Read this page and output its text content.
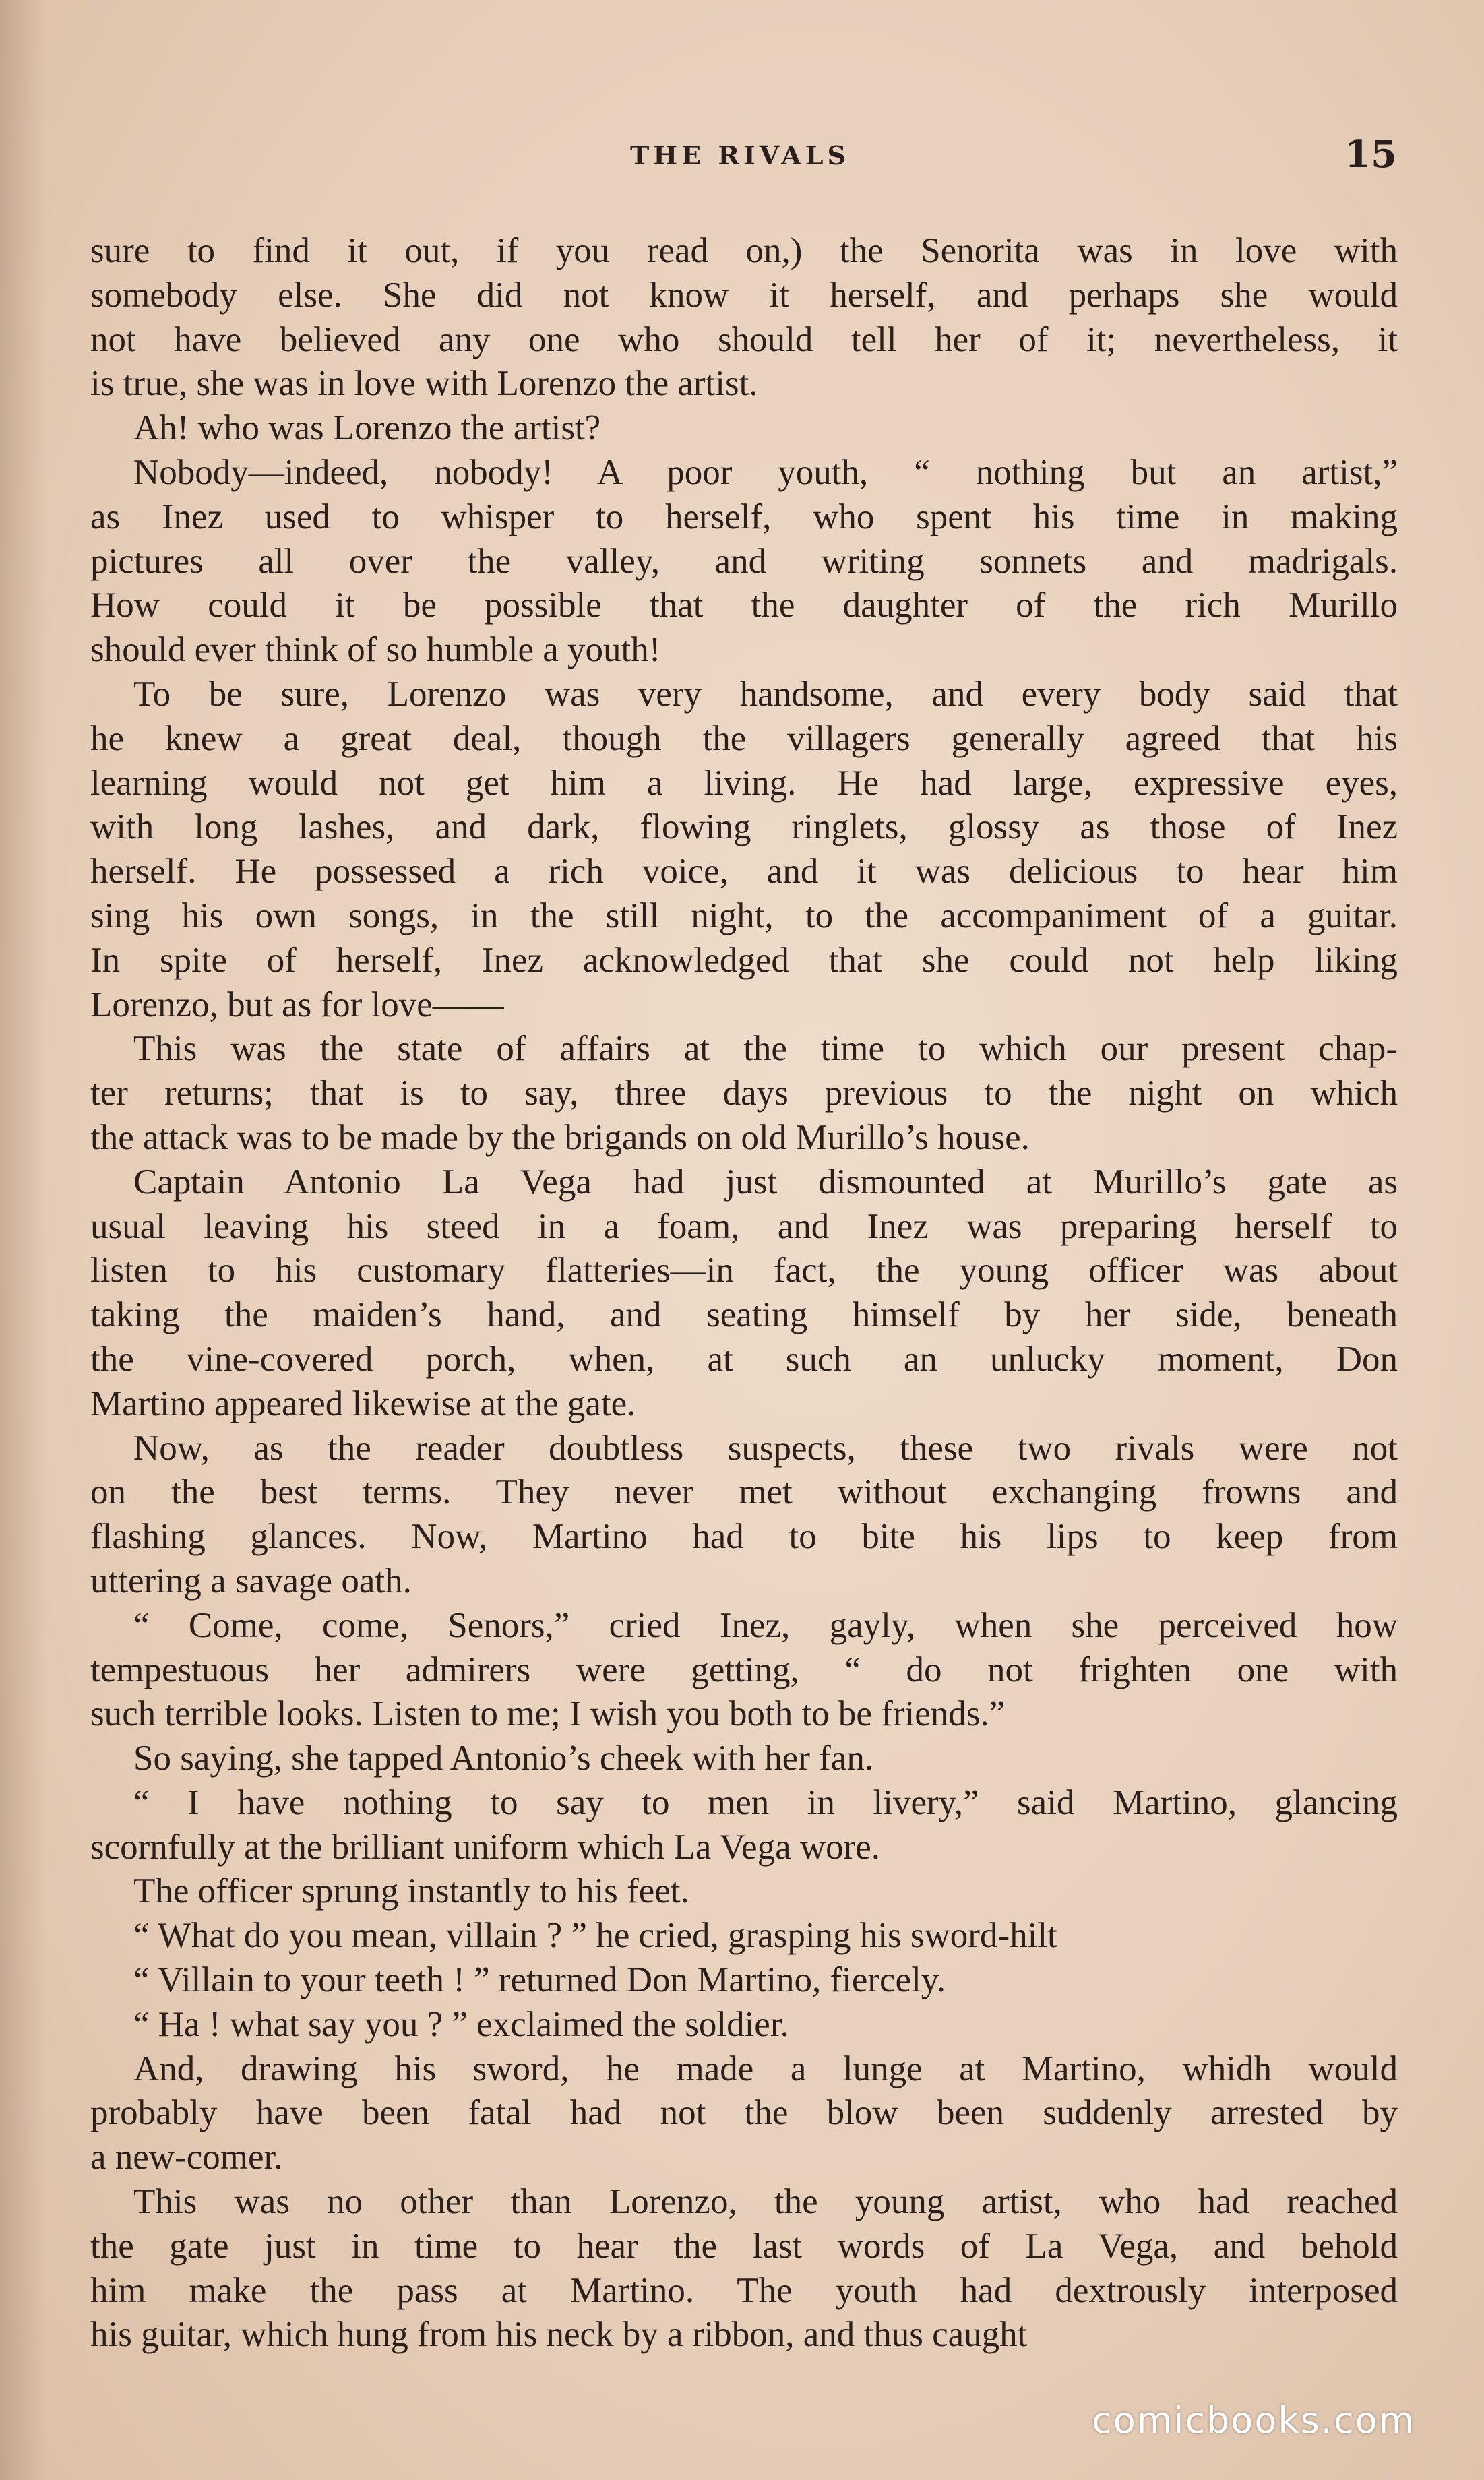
THE RIVALS	15
sure to find it out, if you read on,) the Senorita was in love with
somebody else. She did not know it herself, and perhaps she would
not have believed any one who should tell her of it; nevertheless, it
is true, she was in love with Lorenzo the artist.
Ah! who was Lorenzo the artist?
Nobody—indeed, nobody! A poor youth, “ nothing but an artist,”
as Inez used to whisper to herself, who spent his time in making
pictures all over the valley, and writing sonnets and madrigals.
How could it be possible that the daughter of the rich Murillo
should ever think of so humble a youth!
To be sure, Lorenzo was very handsome, and every body said that
he knew a great deal, though the villagers generally agreed that his
learning would not get him a living. He had large, expressive eyes,
with long lashes, and dark, flowing ringlets, glossy as those of Inez
herself. He possessed a rich voice, and it was delicious to hear him
sing his own songs, in the still night, to the accompaniment of a guitar.
In spite of herself, Inez acknowledged that she could not help liking
Lorenzo, but as for love——
This was the state of affairs at the time to which our present chap-
ter returns; that is to say, three days previous to the night on which
the attack was to be made by the brigands on old Murillo’s house.
Captain Antonio La Vega had just dismounted at Murillo’s gate as
usual leaving his steed in a foam, and Inez was preparing herself to
listen to his customary flatteries—in fact, the young officer was about
taking the maiden’s hand, and seating himself by her side, beneath
the vine-covered porch, when, at such an unlucky moment, Don
Martino appeared likewise at the gate.
Now, as the reader doubtless suspects, these two rivals were not
on the best terms. They never met without exchanging frowns and
flashing glances. Now, Martino had to bite his lips to keep from
uttering a savage oath.
“ Come, come, Senors,” cried Inez, gayly, when she perceived how
tempestuous her admirers were getting, “ do not frighten one with
such terrible looks. Listen to me; I wish you both to be friends.”
So saying, she tapped Antonio’s cheek with her fan.
“ I have nothing to say to men in livery,” said Martino, glancing
scornfully at the brilliant uniform which La Vega wore.
The officer sprung instantly to his feet.
“ What do you mean, villain ? ” he cried, grasping his sword-hilt
“ Villain to your teeth ! ” returned Don Martino, fiercely.
“ Ha ! what say you ? ” exclaimed the soldier.
And, drawing his sword, he made a lunge at Martino, whidh would
probably have been fatal had not the blow been suddenly arrested by
a new-comer.
This was no other than Lorenzo, the young artist, who had reached
the gate just in time to hear the last words of La Vega, and behold
him make the pass at Martino. The youth had dextrously interposed
his guitar, which hung from his neck by a ribbon, and thus caught
comicbooks.com
